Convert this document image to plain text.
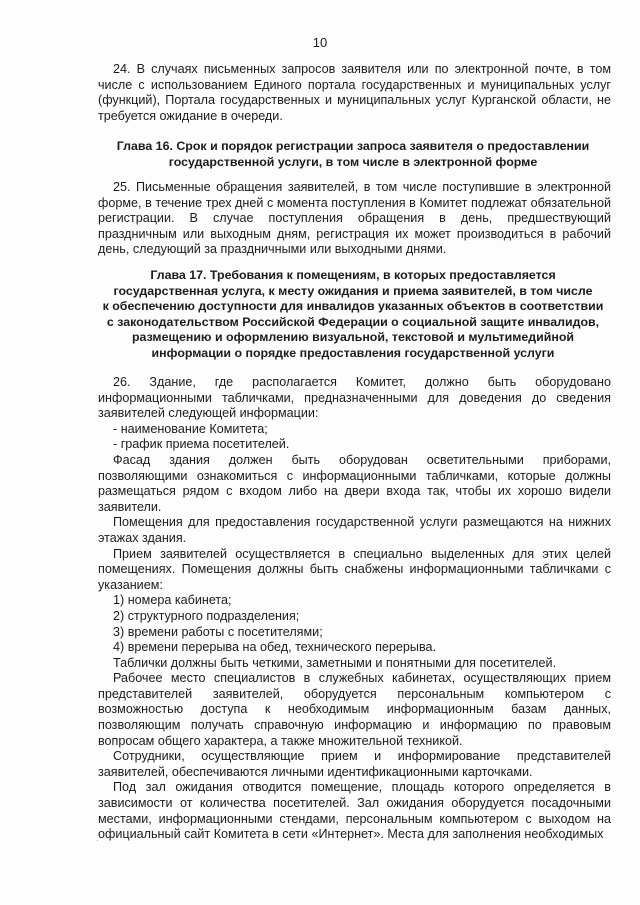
10

24. В случаях письменных запросов заявителя или по электронной почте, в том числе с использованием Единого портала государственных и муниципальных услуг (функций), Портала государственных и муниципальных услуг Курганской области, не требуется ожидание в очереди.

Глава 16. Срок и порядок регистрации запроса заявителя о предоставлении
государственной услуги, в том числе в электронной форме

25. Письменные обращения заявителей, в том числе поступившие в электронной форме, в течение трех дней с момента поступления в Комитет подлежат обязательной регистрации. В случае поступления обращения в день, предшествующий праздничным или выходным дням, регистрация их может производиться в рабочий день, следующий за праздничными или выходными днями.

Глава 17. Требования к помещениям, в которых предоставляется
государственная услуга, к месту ожидания и приема заявителей, в том числе
к обеспечению доступности для инвалидов указанных объектов в соответствии
с законодательством Российской Федерации о социальной защите инвалидов,
размещению и оформлению визуальной, текстовой и мультимедийной
информации о порядке предоставления государственной услуги

26. Здание, где располагается Комитет, должно быть оборудовано информационными табличками, предназначенными для доведения до сведения заявителей следующей информации:

- наименование Комитета;

- график приема посетителей.

Фасад здания должен быть оборудован осветительными приборами, позволяющими ознакомиться с информационными табличками, которые должны размещаться рядом с входом либо на двери входа так, чтобы их хорошо видели заявители.

Помещения для предоставления государственной услуги размещаются на нижних этажах здания.

Прием заявителей осуществляется в специально выделенных для этих целей помещениях. Помещения должны быть снабжены информационными табличками с указанием:

1) номера кабинета;

2) структурного подразделения;

3) времени работы с посетителями;

4) времени перерыва на обед, технического перерыва.

Таблички должны быть четкими, заметными и понятными для посетителей.

Рабочее место специалистов в служебных кабинетах, осуществляющих прием представителей заявителей, оборудуется персональным компьютером с возможностью доступа к необходимым информационным базам данных, позволяющим получать справочную информацию и информацию по правовым вопросам общего характера, а также множительной техникой.

Сотрудники, осуществляющие прием и информирование представителей заявителей, обеспечиваются личными идентификационными карточками.

Под зал ожидания отводится помещение, площадь которого определяется в зависимости от количества посетителей. Зал ожидания оборудуется посадочными местами, информационными стендами, персональным компьютером с выходом на официальный сайт Комитета в сети «Интернет». Места для заполнения необходимых

·
